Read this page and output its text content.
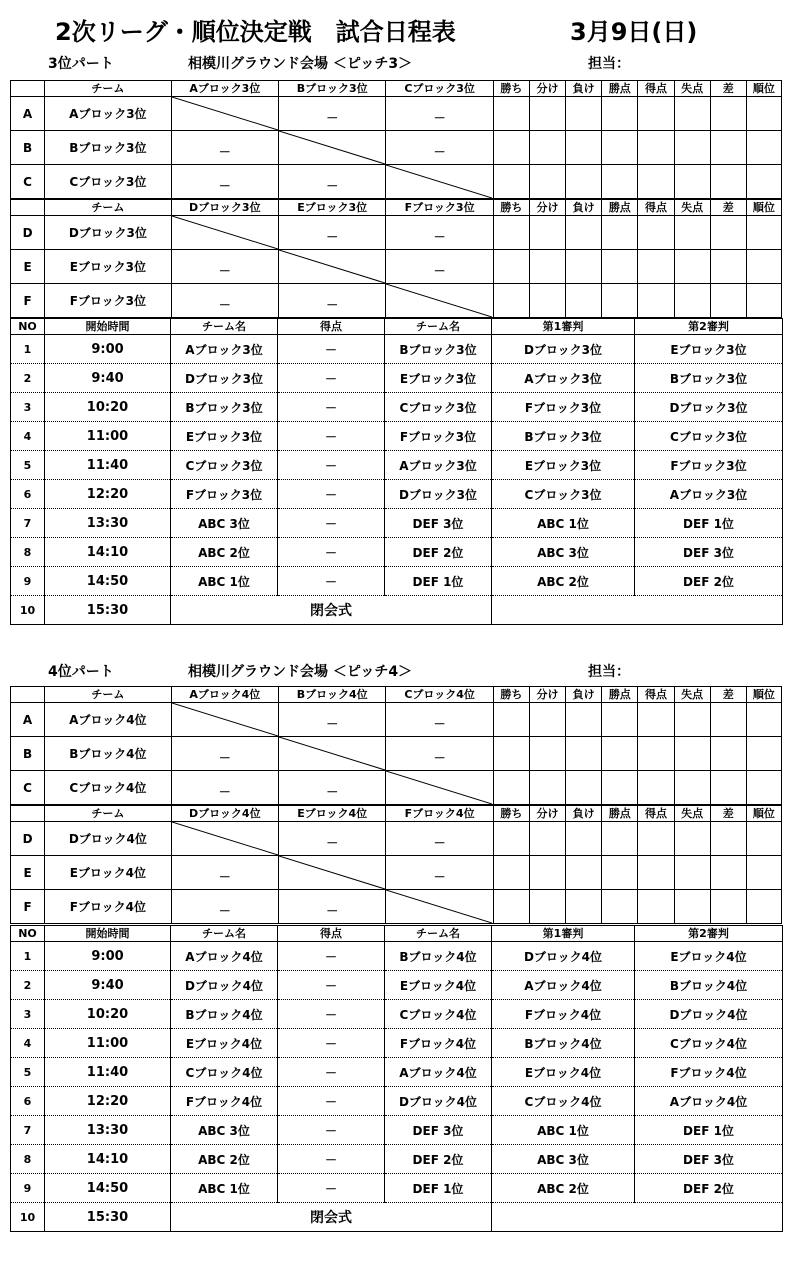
2次リーグ・順位決定戦　試合日程表	3月9日(日)
3位パート	相模川グラウンド会場 ＜ピッチ3＞	担当：
	チーム	Aブロック3位	Bブロック3位	Cブロック3位	勝ち	分け	負け	勝点	得点	失点	差	順位
A	Aブロック3位		－	－								
B	Bブロック3位	－		－								
C	Cブロック3位	－	－	

	チーム	Dブロック3位	Eブロック3位	Fブロック3位	勝ち	分け	負け	勝点	得点	失点	差	順位
D	Dブロック3位		－	－								
E	Eブロック3位	－		－								
F	Fブロック3位	－	－	

NO	開始時間	チーム名	得点	チーム名	第1審判	第2審判
1	9:00	Aブロック3位	－	Bブロック3位	Dブロック3位	Eブロック3位
2	9:40	Dブロック3位	－	Eブロック3位	Aブロック3位	Bブロック3位
3	10:20	Bブロック3位	－	Cブロック3位	Fブロック3位	Dブロック3位
4	11:00	Eブロック3位	－	Fブロック3位	Bブロック3位	Cブロック3位
5	11:40	Cブロック3位	－	Aブロック3位	Eブロック3位	Fブロック3位
6	12:20	Fブロック3位	－	Dブロック3位	Cブロック3位	Aブロック3位
7	13:30	ABC 3位	－	DEF 3位	ABC 1位	DEF 1位
8	14:10	ABC 2位	－	DEF 2位	ABC 3位	DEF 3位
9	14:50	ABC 1位	－	DEF 1位	ABC 2位	DEF 2位
10	15:30	閉会式				
4位パート	相模川グラウンド会場 ＜ピッチ4＞	担当：
	チーム	Aブロック4位	Bブロック4位	Cブロック4位	勝ち	分け	負け	勝点	得点	失点	差	順位
A	Aブロック4位		－	－								
B	Bブロック4位	－		－								
C	Cブロック4位	－	－	

	チーム	Dブロック4位	Eブロック4位	Fブロック4位	勝ち	分け	負け	勝点	得点	失点	差	順位
D	Dブロック4位		－	－								
E	Eブロック4位	－		－								
F	Fブロック4位	－	－	

NO	開始時間	チーム名	得点	チーム名	第1審判	第2審判
1	9:00	Aブロック4位	－	Bブロック4位	Dブロック4位	Eブロック4位
2	9:40	Dブロック4位	－	Eブロック4位	Aブロック4位	Bブロック4位
3	10:20	Bブロック4位	－	Cブロック4位	Fブロック4位	Dブロック4位
4	11:00	Eブロック4位	－	Fブロック4位	Bブロック4位	Cブロック4位
5	11:40	Cブロック4位	－	Aブロック4位	Eブロック4位	Fブロック4位
6	12:20	Fブロック4位	－	Dブロック4位	Cブロック4位	Aブロック4位
7	13:30	ABC 3位	－	DEF 3位	ABC 1位	DEF 1位
8	14:10	ABC 2位	－	DEF 2位	ABC 3位	DEF 3位
9	14:50	ABC 1位	－	DEF 1位	ABC 2位	DEF 2位
10	15:30	閉会式				
